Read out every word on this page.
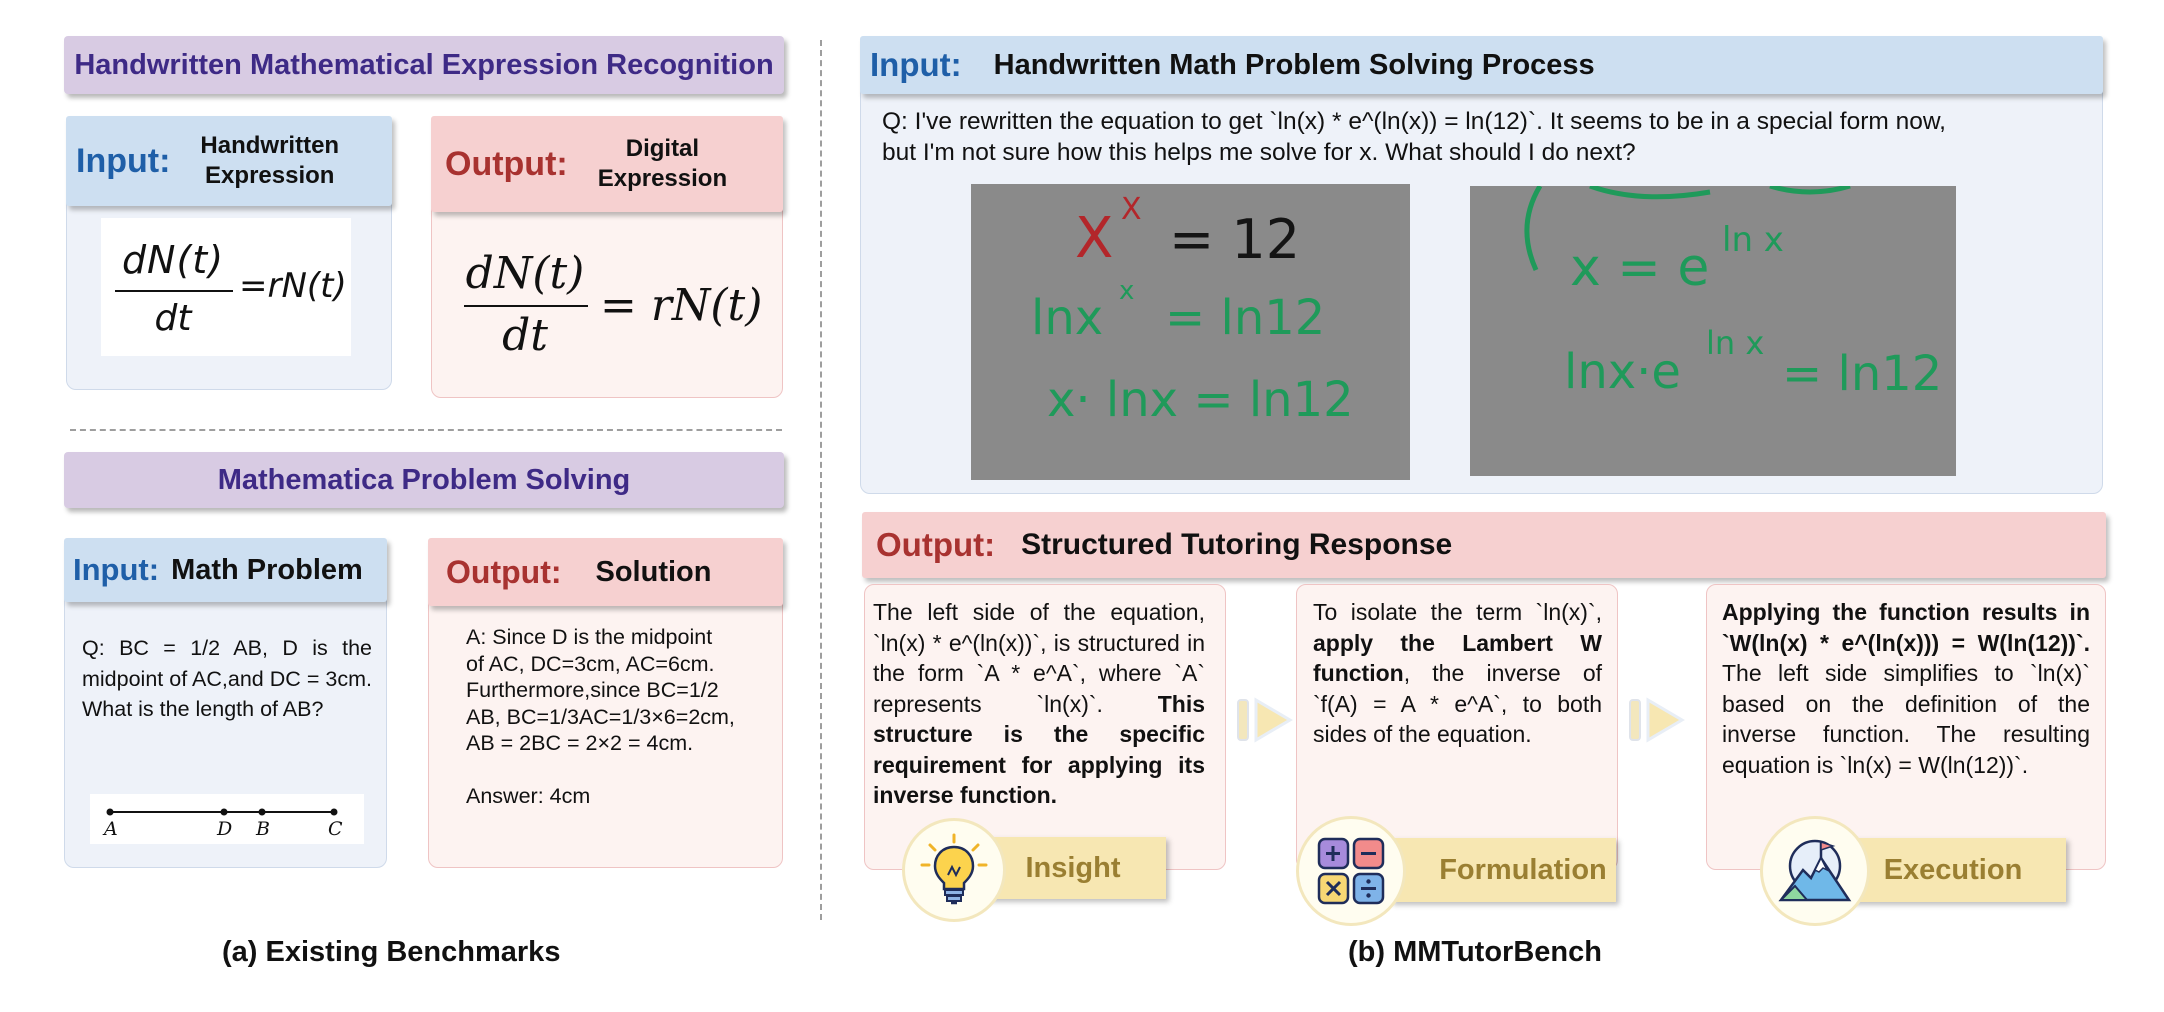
Handwritten Mathematical Expression Recognition
Input: Handwritten
Expression
dN(t)
dt
=rN(t)
Output:	Digital
Expression
dN(t)
dt
= rN(t)
Mathematica Problem Solving
Input: Math Problem
Q: BC = 1/2 AB, D is the midpoint of AC,and DC = 3cm. What is the length of AB?
A	D B	C
Output: Solution
A: Since D is the midpoint
of AC, DC=3cm, AC=6cm.
Furthermore,since BC=1/2
AB, BC=1/3AC=1/3×6=2cm,
AB = 2BC = 2×2 = 4cm.
Answer: 4cm
(a) Existing Benchmarks
Input: Handwritten Math Problem Solving Process
Q: I've rewritten the equation to get `ln(x) * e^(ln(x)) = ln(12)`. It seems to be in a special form now,
but I'm not sure how this helps me solve for x. What should I do next?
X X = 12
lnx x = ln12
x· lnx = ln12
x = e ln x
lnx·e
ln x
= ln12
Output: Structured Tutoring Response
The left side of the equation, `ln(x) * e^(ln(x))`, is structured in the form `A * e^A`, where `A` represents `ln(x)`. This structure is the specific requirement for applying its inverse function.
Insight
To isolate the term `ln(x)`, apply the Lambert W function, the inverse of `f(A) = A * e^A`, to both sides of the equation.
Formulation
Applying the function results in `W(ln(x) * e^(ln(x))) = W(ln(12))`. The left side simplifies to `ln(x)` based on the definition of the inverse function. The resulting equation is `ln(x) = W(ln(12))`.
Execution
(b) MMTutorBench
